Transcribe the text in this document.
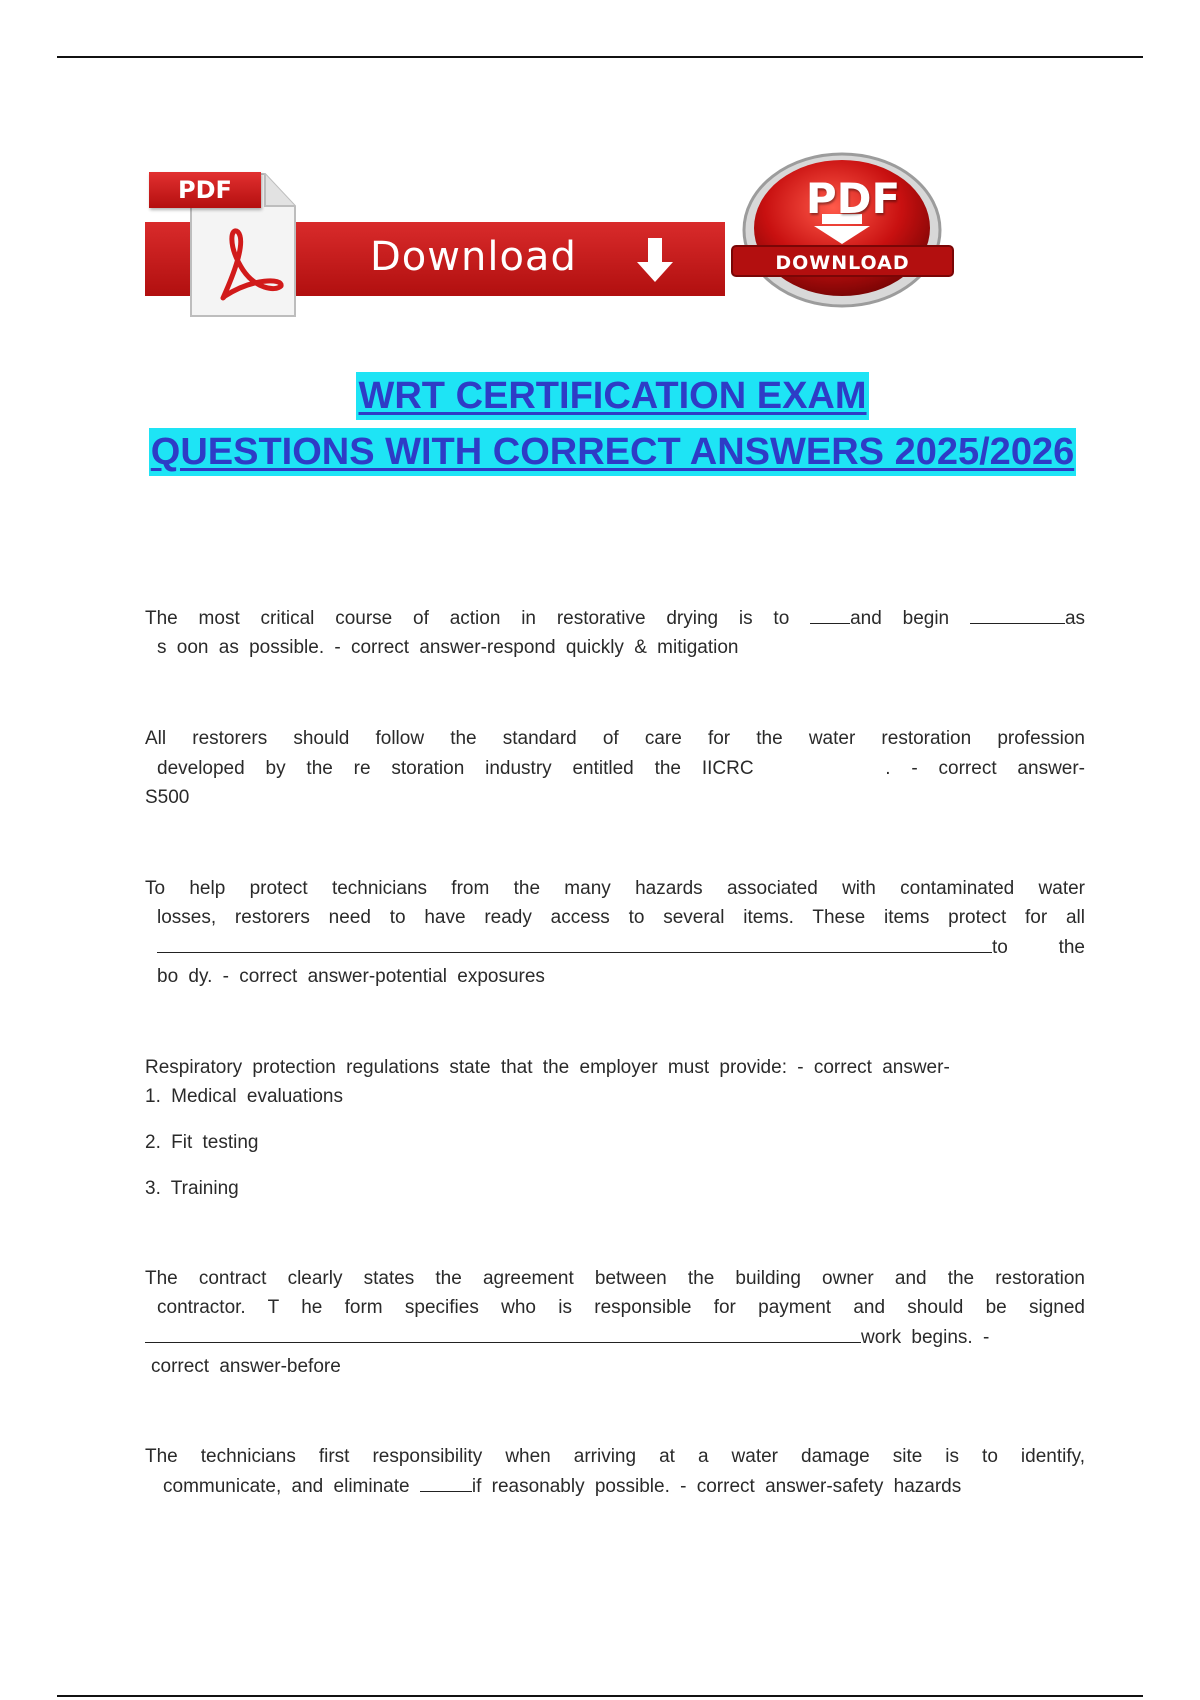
PDF
Download
PDF
DOWNLOAD
WRT CERTIFICATION EXAM
QUESTIONS WITH CORRECT ANSWERS 2025/2026

The most critical course of action in restorative drying is to	and begin	as

s oon as possible. - correct answer-respond quickly & mitigation

All restorers should follow the standard of care for the water restoration profession

developed by the re storation industry entitled the IICRC	. - correct answer-

S500

To help protect technicians from the many hazards associated with contaminated water

losses, restorers need to have ready access to several items. These items protect for all

to	the

bo dy. - correct answer-potential exposures

Respiratory protection regulations state that the employer must provide: - correct answer-

1. Medical evaluations

2. Fit testing

3. Training

The contract clearly states the agreement between the building owner and the restoration

contractor. T he form specifies who is responsible for payment and should be signed

work begins. -

correct answer-before

The technicians first responsibility when arriving at a water damage site is to identify,

communicate, and eliminate	if reasonably possible. - correct answer-safety hazards
